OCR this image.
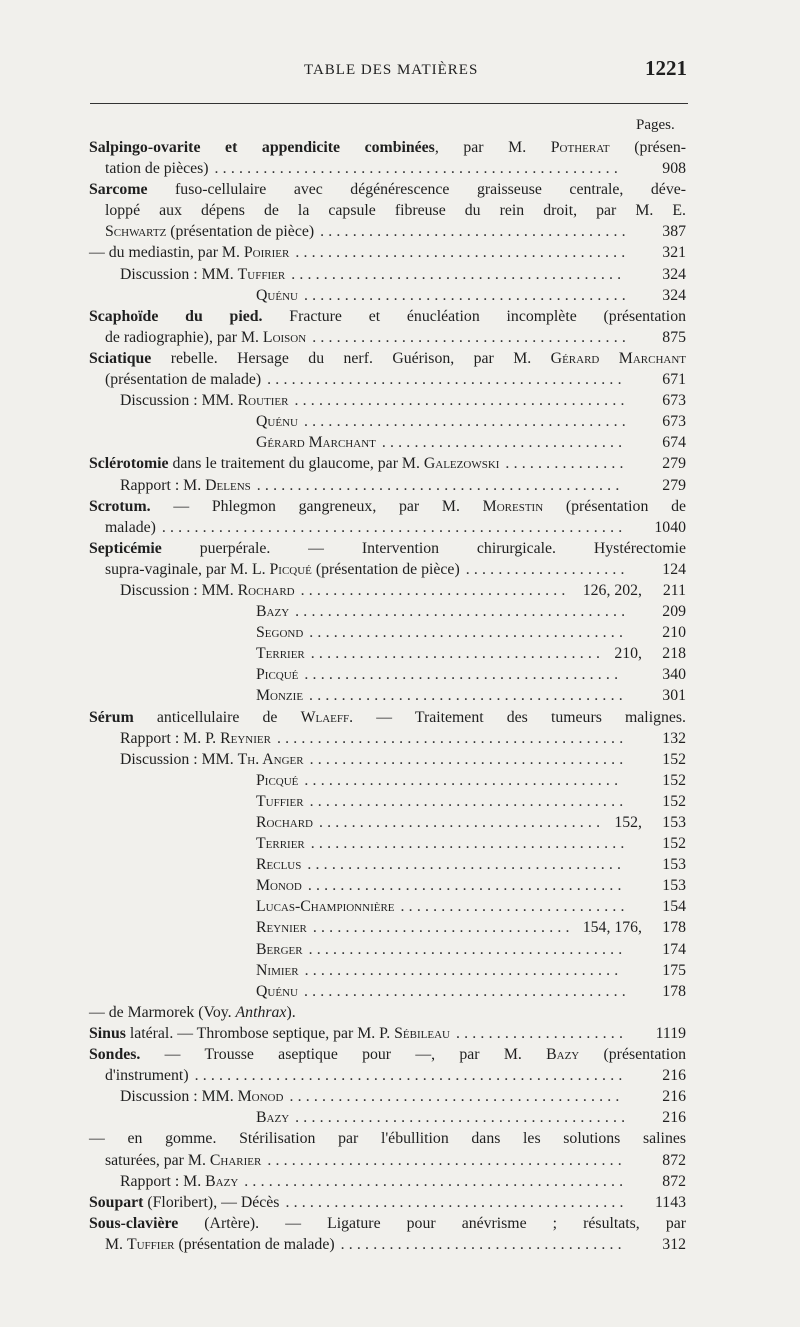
TABLE DES MATIÈRES	1221
Pages.
Salpingo-ovarite et appendicite combinées, par M. Potherat (présen-
tation de pièces)	908
..................................................
Sarcome fuso-cellulaire avec dégénérescence graisseuse centrale, déve-
loppé aux dépens de la capsule fibreuse du rein droit, par M. E.
Schwartz (présentation de pièce)	387
......................................
— du mediastin, par M. Poirier	321
.........................................
Discussion : MM. Tuffier	324
.........................................
Quénu	324
........................................
Scaphoïde du pied. Fracture et énucléation incomplète (présentation
de radiographie), par M. Loison	875
.......................................
Sciatique rebelle. Hersage du nerf. Guérison, par M. Gérard Marchant
(présentation de malade)	671
............................................
Discussion : MM. Routier	673
.........................................
Quénu	673
........................................
Gérard Marchant	674
..............................
Sclérotomie dans le traitement du glaucome, par M. Galezowski	279
...............
Rapport : M. Delens	279
.............................................
Scrotum. — Phlegmon gangreneux, par M. Morestin (présentation de
malade)	1040
.........................................................
Septicémie puerpérale. — Intervention chirurgicale. Hystérectomie
supra-vaginale, par M. L. Picqué (présentation de pièce)	124
....................
Discussion : MM. Rochard	126, 202, 211
.................................
Bazy	209
.........................................
Segond	210
.......................................
Terrier	210, 218
....................................
Picqué	340
.......................................
Monzie	301
.......................................
Sérum anticellulaire de Wlaeff. — Traitement des tumeurs malignes.
Rapport : M. P. Reynier	132
...........................................
Discussion : MM. Th. Anger	152
.......................................
Picqué	152
.......................................
Tuffier	152
.......................................
Rochard	152, 153
...................................
Terrier	152
.......................................
Reclus	153
.......................................
Monod	153
.......................................
Lucas-Championnière	154
............................
Reynier	154, 176, 178
................................
Berger	174
.......................................
Nimier	175
.......................................
Quénu	178
........................................
— de Marmorek (Voy. Anthrax).
Sinus latéral. — Thrombose septique, par M. P. Sébileau	1119
.....................
Sondes. — Trousse aseptique pour —, par M. Bazy (présentation
d'instrument)	216
.....................................................
Discussion : MM. Monod	216
.........................................
Bazy	216
.........................................
— en gomme. Stérilisation par l'ébullition dans les solutions salines
saturées, par M. Charier	872
............................................
Rapport : M. Bazy	872
...............................................
Soupart (Floribert), — Décès	1143
..........................................
Sous-clavière (Artère). — Ligature pour anévrisme ; résultats, par
M. Tuffier (présentation de malade)	312
...................................
